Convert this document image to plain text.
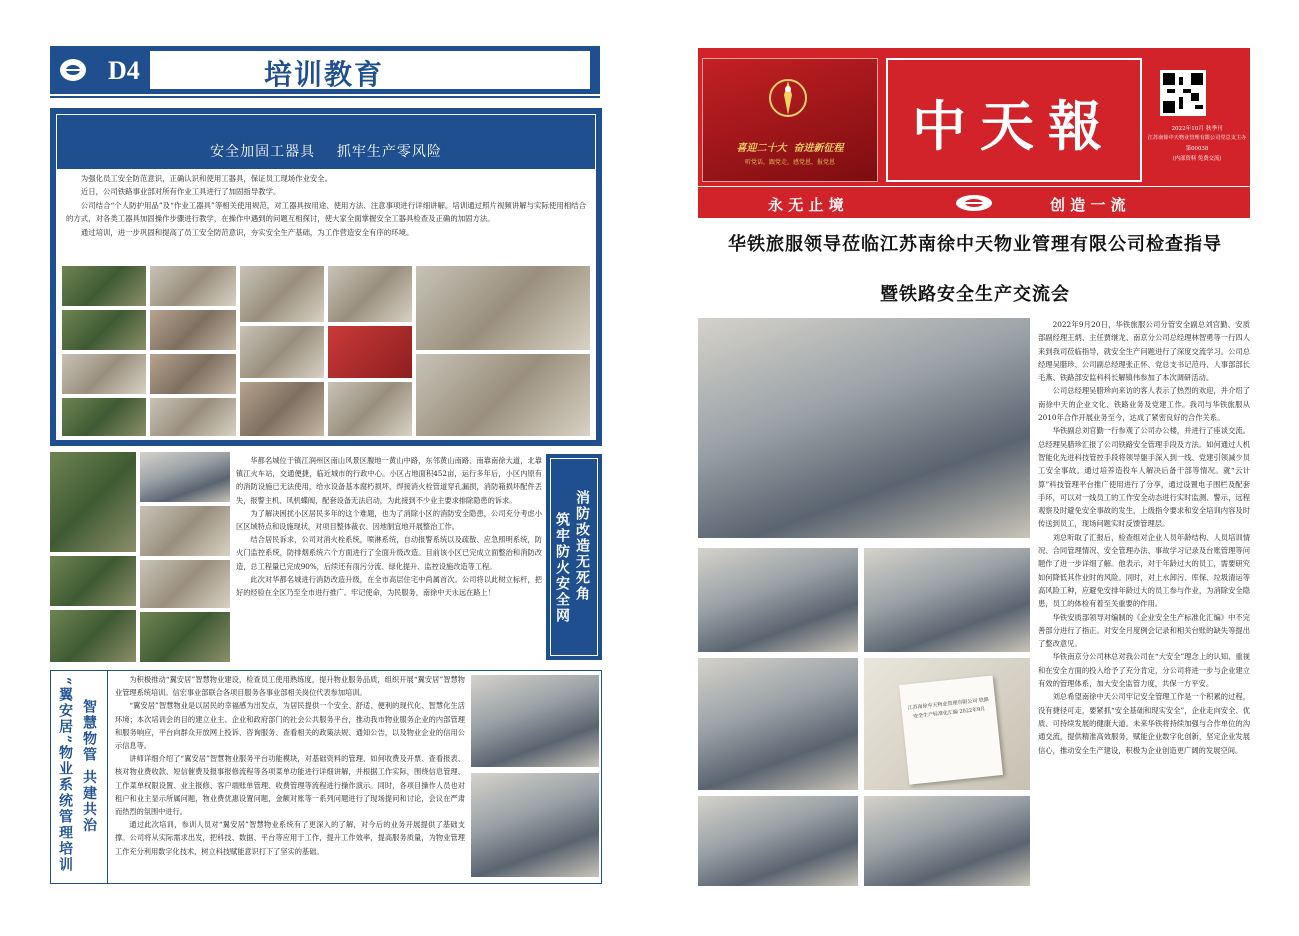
D4	培训教育
安全加固工器具    抓牢生产零风险

为强化员工安全防范意识，正确认识和使用工器具，保证员工现场作业安全。

近日，公司铁路事业部对所有作业工具进行了加固指导教学。

公司结合“个人防护用品”及“作业工器具”等相关使用规范，对工器具按用途、使用方法、注意事项进行详细讲解。培训通过照片视频讲解与实际使用相结合的方式，对各类工器具加固操作步骤进行教学，在操作中遇到的问题互相探讨，使大家全面掌握安全工器具检查及正确的加固方法。

通过培训，进一步巩固和提高了员工安全防范意识，夯实安全生产基础，为工作营造安全有序的环境。

华都名城位于镇江润州区南山风景区腹地一黄山中路，东邻黄山南路、南靠南徐大道，北靠镇江火车站，交通便捷，临近城市的行政中心。小区占地面积452亩，运行多年后，小区内原有的消防设施已无法使用，给水设备基本腐朽损坏，焊接消火栓管道穿孔漏损，消防箱损坏配件丢失，报警主机、风机蝶阀，配套设备无法启动，为此接到不少业主要求排除隐患的诉求。

为了解决困扰小区居民多年的这个难题，也为了消除小区的消防安全隐患，公司充分考虑小区区域特点和设施现状，对项目整体裁衣、因地制宜地开展整治工作。

结合居民诉求，公司对消火栓系统，喷淋系统，自动报警系统以及疏散、应急照明系统，防火门监控系统，防排烟系统六个方面进行了全面升级改造。目前该小区已完成立面整治和消防改造，总工程量已完成90%，后续还有雨污分流、绿化提升、监控设施改造等工程。

此次对华都名城进行消防改造升级，在全市高层住宅中尚属首次。公司将以此树立标杆，把好的经验在全区乃至全市进行推广。牢记使命，为民服务，南徐中天永远在路上！	消防改造无死角
筑牢防火安全网
“翼安居”物业系统管理培训 智慧物管 共建共治

为积极推动“翼安居”智慧物业建设，检查员工使用熟练度，提升物业服务品质，组织开展“翼安居”智慧物业管理系统培训。信宏事业部联合各项目服务各事业部相关岗位代表参加培训。

“翼安居”智慧物业是以居民的幸福感为出发点，为居民提供一个安全、舒适、便利的现代化、智慧化生活环境；本次培训会的目的建立业主、企业和政府部门的社会公共服务平台，推动我市物业服务企业的内部管理和服务响应，平台向群众开放网上投诉、咨询服务、查看相关的政策法规、通知公告，以及物业企业的信用公示信息等。

讲师详细介绍了“翼安居”智慧物业服务平台功能模块，对基础资料的管理、如何收费及开票、查看报表、核对物业费收款、短信催费及报事报修流程等各项菜单功能进行详细讲解，并根据工作实际，围绕信息管理、工作菜单权限设置、业主报修、客户端账单管理、收费管理等流程进行操作演示。同时，各项目操作人员也对租户和业主显示所属问题，物业费优惠设置问题，金额对账等一系列问题进行了现场提问和讨论，会议在严肃而热烈的氛围中进行。

通过此次培训，参训人员对“翼安居”智慧物业系统有了更深入的了解，对今后的业务开展提供了基础支撑。公司将从实际需求出发，把科技、数据、平台等应用于工作，提升工作效率，提高服务质量，为物业管理工作充分利用数字化技术，树立科技赋能意识打下了坚实的基础。

喜迎二十大  奋进新征程
听党话，跟党走，感党恩，报党恩
中天報	2022年10月 秋季刊
江苏南徐中天物业管理有限公司党总支主办
第00038
(内部资料 免费交流)
永 无 止 境	创 造 一 流
华铁旅服领导莅临江苏南徐中天物业管理有限公司检查指导
暨铁路安全生产交流会
江苏南徐中天物业管理有限公司 铁路安全生产标准化汇编 2022年9月

2022年9月20日，华铁旅服公司分管安全副总刘官勤、安质部副经理王炳、主任贾继龙、南京分公司总经理林智勇等一行四人来到我司莅临指导，就安全生产问题进行了深度交流学习。公司总经理吴腊珍、公司副总经理张正怀、党总支书记范丹、人事部部长毛燕、铁路部安监科科长解镇伟参加了本次调研活动。

公司总经理吴腊珍向来访的客人表示了热烈的欢迎，并介绍了南徐中天的企业文化、铁路业务及党建工作。我司与华铁旅服从2010年合作开展业务至今，达成了紧密良好的合作关系。

华铁副总刘官勤一行参观了公司办公楼，并进行了座谈交流。总经理吴腊珍汇报了公司铁路安全管理手段及方法。如何通过人机智能化先进科技管控手段将领导躯手深入到一线、党建引领减少员工安全事故。通过培养造投车人解决后备干部等情况。就“云计算”科技管理平台推广使用进行了分享，通过设置电子围栏及配套手环，可以对一线员工的工作安全动态进行实时监测、警示，远程观察及时避免安全事故的发生，上级指令要求和安全培训内容及时传送到员工，现场问题实时反馈管理层。

刘总听取了汇报后，检查组对企业人员年龄结构、人员培训情况、合同管理情况、安全管理办法、事故学习记录及台账管理等问题作了进一步详细了解。他表示，对于年龄过大的员工，需要研究如何降低其作业时的风险。同时，对上水卸污、库保、垃圾清运等高风险工种，应避免安排年龄过大的员工参与作业，为消除安全隐患，员工的体检有着至关重要的作用。

华铁安质部领导对编制的《企业安全生产标准化汇编》中不完善部分进行了指正。对安全月度例会记录和相关台账的缺失等提出了整改意见。

华铁南京分公司林总对我公司在“大安全”理念上的认知、重视和在安全方面的投入给予了充分肯定，分公司将进一步与企业建立有效的管理体系，加大安全监管力度，共保一方平安。

刘总希望南徐中天公司牢记安全管理工作是一个积累的过程，没有捷径可走，要紧抓“安全基础和现实安全”，企业走向安全、优质、可持续发展的健康大道。未来华铁将持续加强与合作单位的沟通交流，提供精准高效服务，赋能企业数字化创新，坚定企业发展信心，推动安全生产建设，积极为企业创造更广阔的发展空间。
